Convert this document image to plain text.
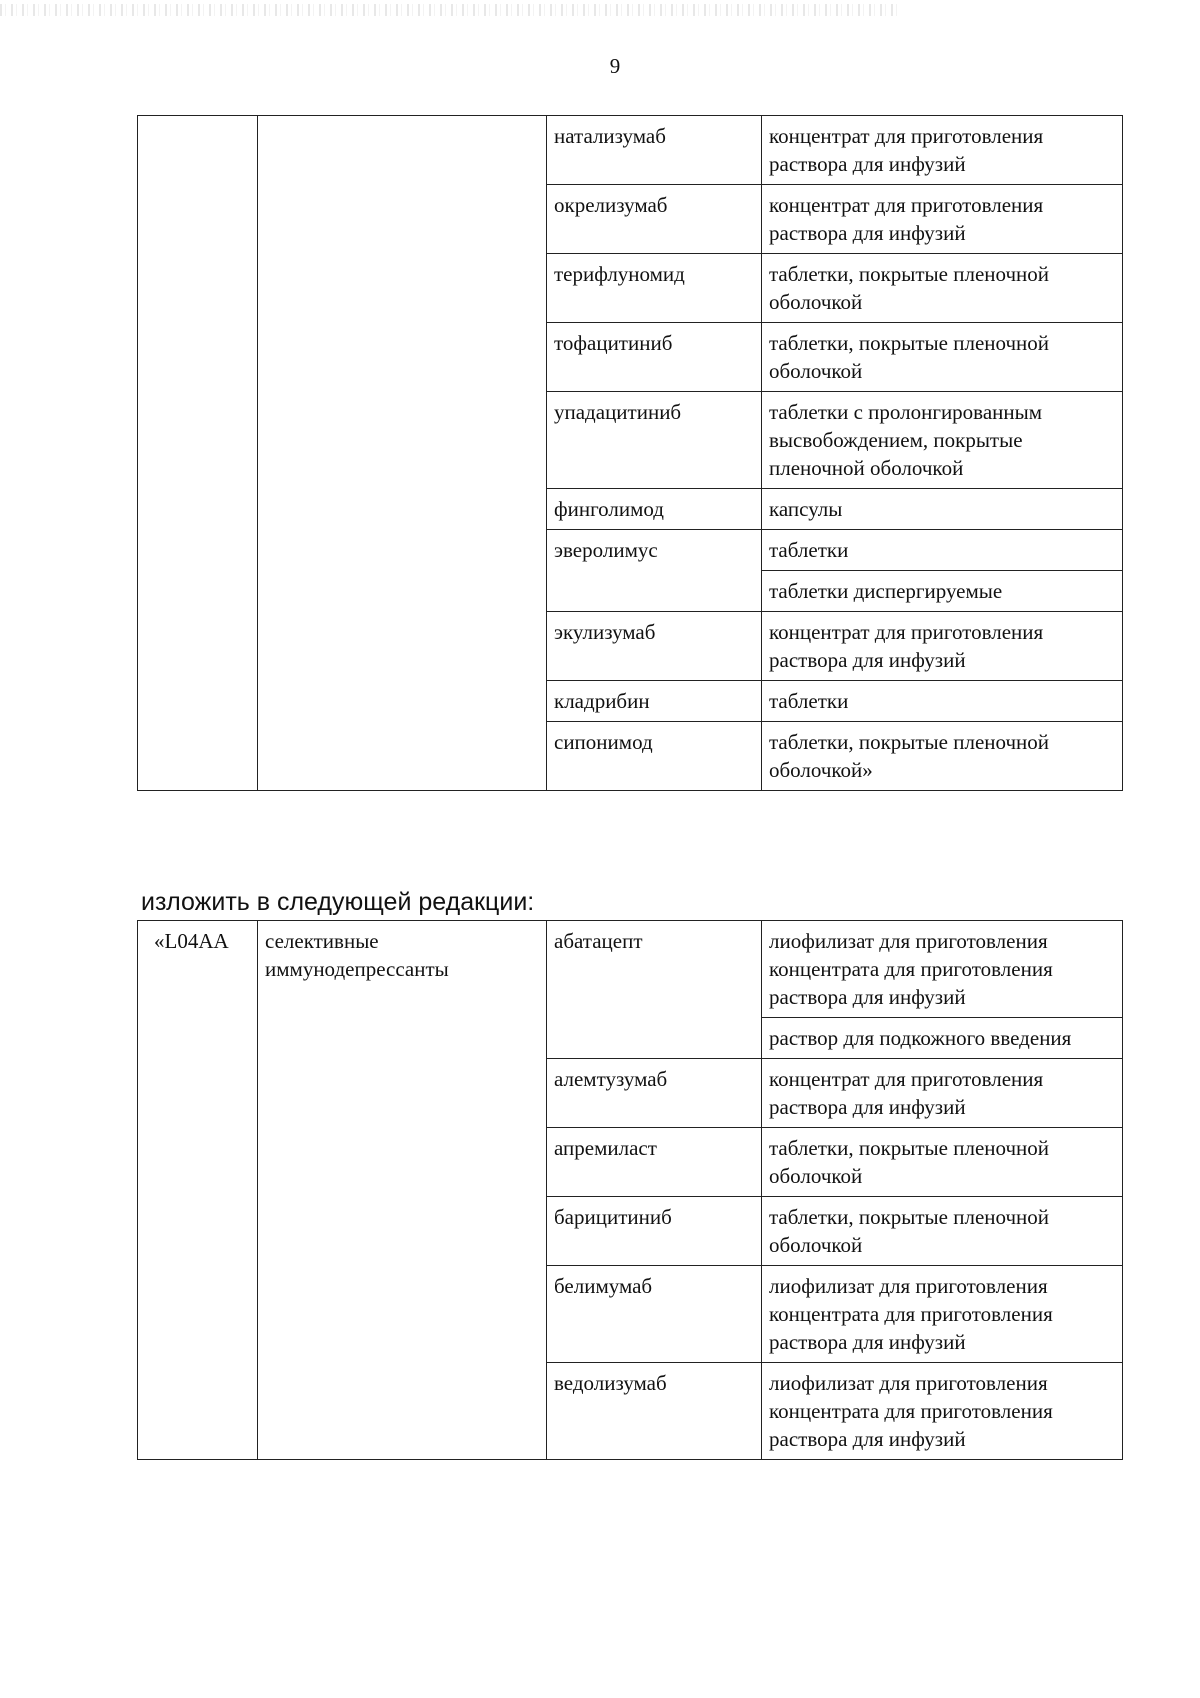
9
		натализумаб	концентрат для приготовления раствора для инфузий
		окрелизумаб	концентрат для приготовления раствора для инфузий
		терифлуномид	таблетки, покрытые пленочной оболочкой
		тофацитиниб	таблетки, покрытые пленочной оболочкой
		упадацитиниб	таблетки с пролонгированным высвобождением, покрытые пленочной оболочкой
		финголимод	капсулы
		эверолимус	таблетки
			таблетки диспергируемые
		экулизумаб	концентрат для приготовления раствора для инфузий
		кладрибин	таблетки
		сипонимод	таблетки, покрытые пленочной оболочкой»
изложить в следующей редакции:
«L04AA	селективные иммунодепрессанты	абатацепт	лиофилизат для приготовления концентрата для приготовления раствора для инфузий
			раствор для подкожного введения
		алемтузумаб	концентрат для приготовления раствора для инфузий
		апремиласт	таблетки, покрытые пленочной оболочкой
		барицитиниб	таблетки, покрытые пленочной оболочкой
		белимумаб	лиофилизат для приготовления концентрата для приготовления раствора для инфузий
		ведолизумаб	лиофилизат для приготовления концентрата для приготовления раствора для инфузий
